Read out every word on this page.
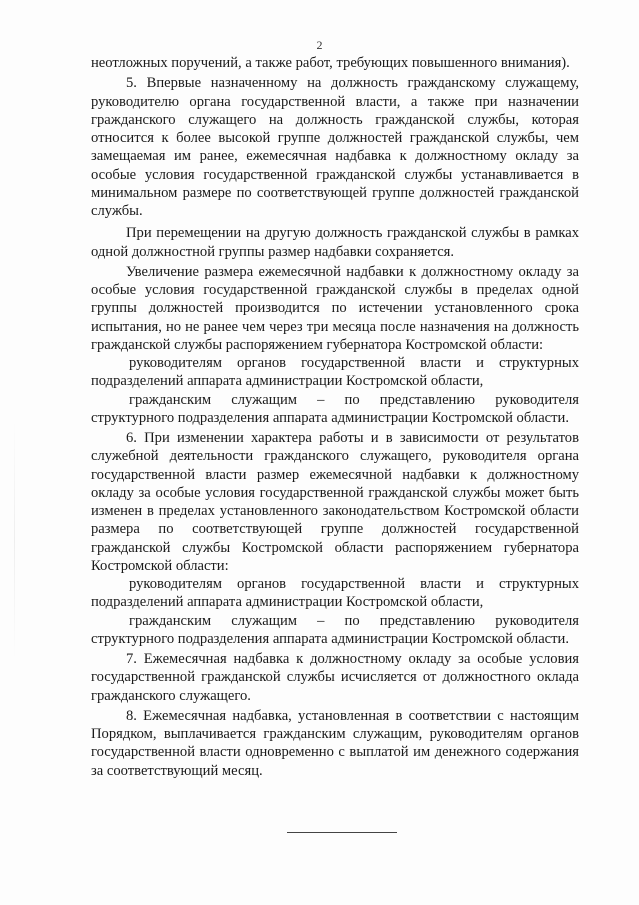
2

неотложных поручений, а также работ, требующих повышенного внимания).

5. Впервые назначенному на должность гражданскому служащему, руководителю органа государственной власти, а также при назначении гражданского служащего на должность гражданской службы, которая относится к более высокой группе должностей гражданской службы, чем замещаемая им ранее, ежемесячная надбавка к должностному окладу за особые условия государственной гражданской службы устанавливается в минимальном размере по соответствующей группе должностей гражданской службы.

При перемещении на другую должность гражданской службы в рамках одной должностной группы размер надбавки сохраняется.

Увеличение размера ежемесячной надбавки к должностному окладу за особые условия государственной гражданской службы в пределах одной группы должностей производится по истечении установленного срока испытания, но не ранее чем через три месяца после назначения на должность гражданской службы распоряжением губернатора Костромской области:

руководителям органов государственной власти и структурных подразделений аппарата администрации Костромской области,

гражданским служащим – по представлению руководителя структурного подразделения аппарата администрации Костромской области.

6. При изменении характера работы и в зависимости от результатов служебной деятельности гражданского служащего, руководителя органа государственной власти размер ежемесячной надбавки к должностному окладу за особые условия государственной гражданской службы может быть изменен в пределах установленного законодательством Костромской области размера по соответствующей группе должностей государственной гражданской службы Костромской области распоряжением губернатора Костромской области:

руководителям органов государственной власти и структурных подразделений аппарата администрации Костромской области,

гражданским служащим – по представлению руководителя структурного подразделения аппарата администрации Костромской области.

7. Ежемесячная надбавка к должностному окладу за особые условия государственной гражданской службы исчисляется от должностного оклада гражданского служащего.

8. Ежемесячная надбавка, установленная в соответствии с настоящим Порядком, выплачивается гражданским служащим, руководителям органов государственной власти одновременно с выплатой им денежного содержания за соответствующий месяц.
